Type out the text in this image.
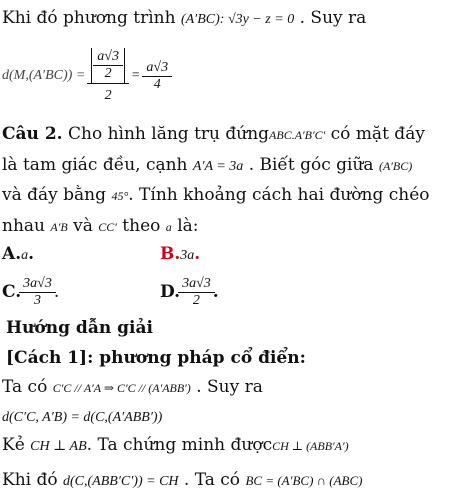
Khi đó phương trình (A′BC): √3y − z = 0 . Suy ra
$d(M,(A'BC)) = \frac{\frac{a√3}{2}}{2} = \frac{a√3}{4}$
Câu 2. Cho hình lăng trụ đứngABC.A′B′C′ có mặt đáy
là tam giác đều, cạnh A′A = 3a . Biết góc giữa (A′BC)
và đáy bằng 45°. Tính khoảng cách hai đường chéo
nhau A′B và CC′ theo a là:
A.a.	B.3a.
C. $\frac{3a√3}{3}$ .	D. $\frac{3a√3}{2}$ .
Hướng dẫn giải
[Cách 1]: phương pháp cổ điển:
Ta có C′C // A′A ⇒ C′C // (A′ABB′) . Suy ra
d(C′C, A′B) = d(C,(A′ABB′))
Kẻ CH ⊥ AB. Ta chứng minh đượcCH ⊥ (ABB′A′)
Khi đó d(C,(ABB′C′)) = CH . Ta có BC = (A′BC) ∩ (ABC)
